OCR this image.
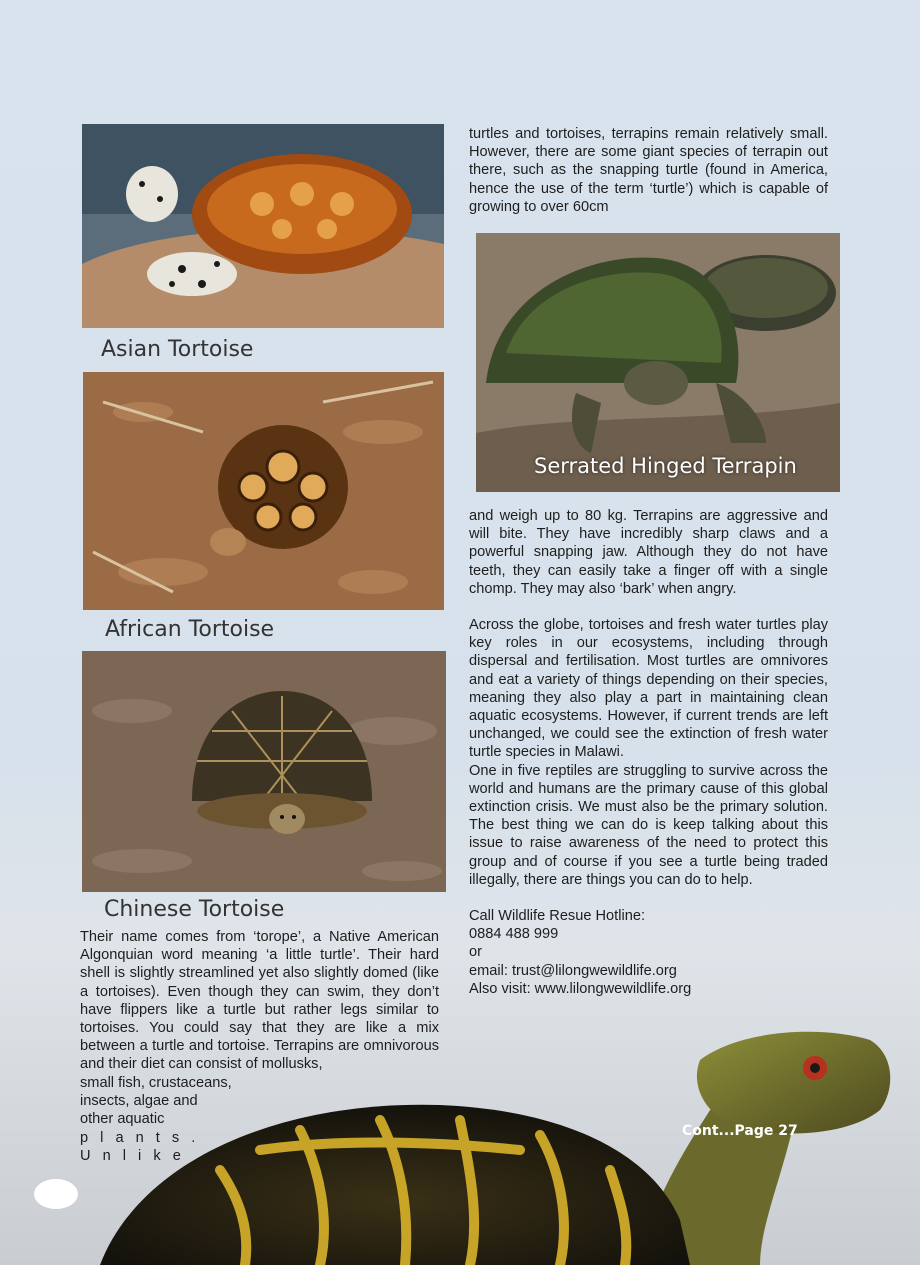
Asian Tortoise
African Tortoise
Chinese Tortoise
Serrated Hinged Terrapin

turtles and tortoises, terrapins remain relatively small. However, there are some giant species of terrapin out there, such as the snapping turtle (found in America, hence the use of the term ‘turtle’) which is capable of growing to over 60cm

and weigh up to 80 kg. Terrapins are aggressive and will bite. They have incredibly sharp claws and a powerful snapping jaw. Although they do not have teeth, they can easily take a finger off with a single chomp. They may also ‘bark’ when angry.

Across the globe, tortoises and fresh water turtles play key roles in our ecosystems, including through dispersal and fertilisation. Most turtles are omnivores and eat a variety of things depending on their species, meaning they also play a part in maintaining clean aquatic ecosystems. However, if current trends are left unchanged, we could see the extinction of fresh water turtle species in Malawi.

One in five reptiles are struggling to survive across the world and humans are the primary cause of this global extinction crisis. We must also be the primary solution. The best thing we can do is keep talking about this issue to raise awareness of the need to protect this group and of course if you see a turtle being traded illegally, there are things you can do to help.

Call Wildlife Resue Hotline:
0884 488 999
or
email: trust@lilongwewildlife.org
Also visit: www.lilongwewildlife.org

Their name comes from ‘torope’, a Native American Algonquian word meaning ‘a little turtle’. Their hard shell is slightly streamlined yet also slightly domed (like a tortoises). Even though they can swim, they don’t have flippers like a turtle but rather legs similar to tortoises. You could say that they are like a mix between a turtle and tortoise. Terrapins are omnivorous and their diet can consist of mollusks,

small fish, crustaceans,
insects, algae and
other aquatic
p l a n t s .
U n l i k e
Cont...Page 27
